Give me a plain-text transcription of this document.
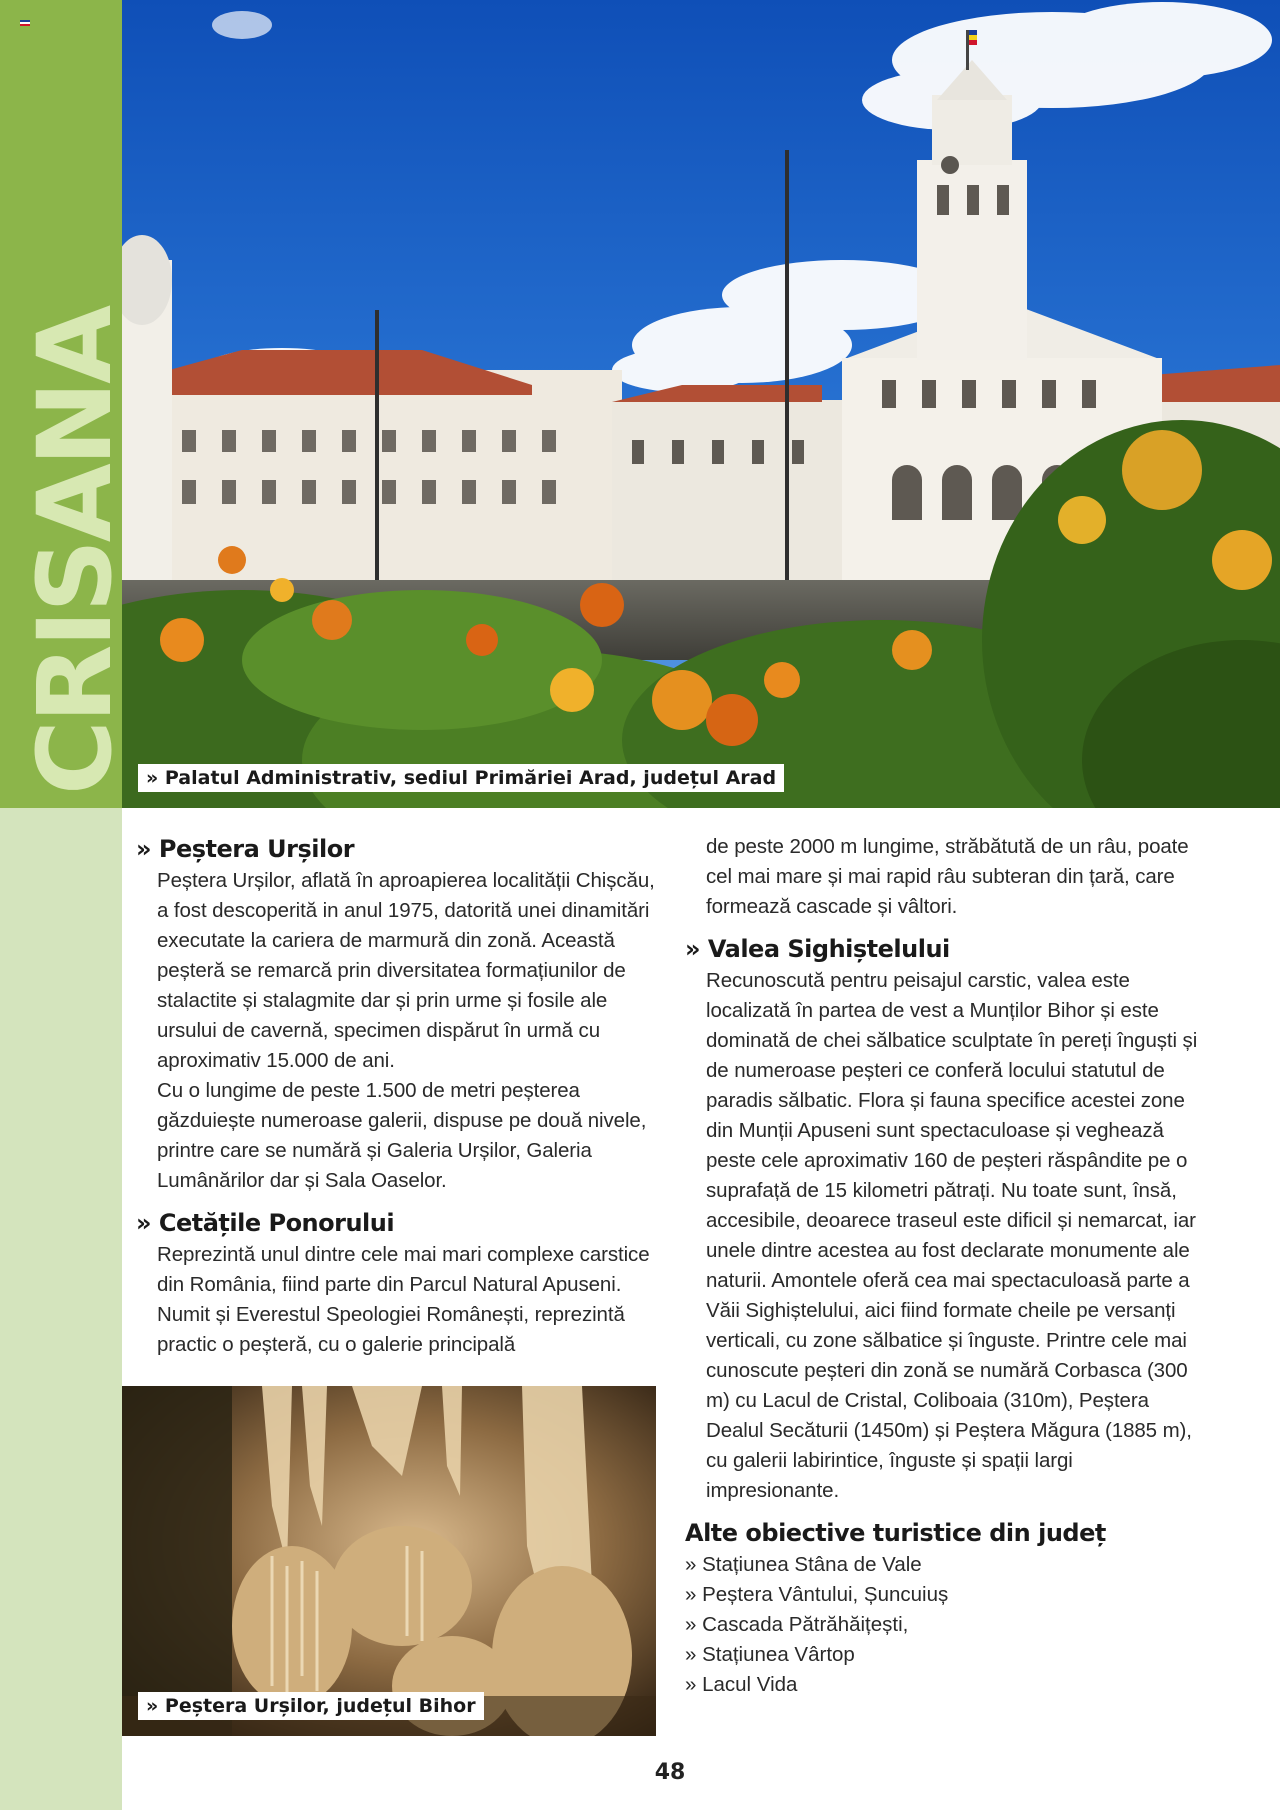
» Palatul Administrativ, sediul Primăriei Arad, județul Arad
» Peștera Urșilor

Peștera Urșilor, aflată în aproapierea localității Chișcău, a fost descoperită in anul 1975, datorită unei dinamitări executate la cariera de marmură din zonă. Această peșteră se remarcă prin diversitatea formațiunilor de stalactite și stalagmite dar și prin urme și fosile ale ursului de cavernă, specimen dispărut în urmă cu aproximativ 15.000 de ani.

Cu o lungime de peste 1.500 de metri peșterea găzduiește numeroase galerii, dispuse pe două nivele, printre care se numără și Galeria Urșilor, Galeria Lumânărilor dar și Sala Oaselor.

» Cetățile Ponorului

Reprezintă unul dintre cele mai mari complexe carstice din România, fiind parte din Parcul Natural Apuseni. Numit și Everestul Speologiei Românești, reprezintă practic o peșteră, cu o galerie principală

» Peștera Urșilor, județul Bihor

de peste 2000 m lungime, străbătută de un râu, poate cel mai mare și mai rapid râu subteran din țară, care formează cascade și vâltori.

» Valea Sighiștelului

Recunoscută pentru peisajul carstic, valea este localizată în partea de vest a Munților Bihor și este dominată de chei sălbatice sculptate în pereți înguști și de numeroase peșteri ce conferă locului statutul de paradis sălbatic. Flora și fauna specifice acestei zone din Munții Apuseni sunt spectaculoase și veghează peste cele aproximativ 160 de peșteri răspândite pe o suprafață de 15 kilometri pătrați. Nu toate sunt, însă, accesibile, deoarece traseul este dificil și nemarcat, iar unele dintre acestea au fost declarate monumente ale naturii. Amontele oferă cea mai spectaculoasă parte a Văii Sighiștelului, aici fiind formate cheile pe versanți verticali, cu zone sălbatice și înguste. Printre cele mai cunoscute peșteri din zonă se numără Corbasca (300 m) cu Lacul de Cristal, Coliboaia (310m), Peștera Dealul Secăturii (1450m) și Peștera Măgura (1885 m), cu galerii labirintice, înguste și spații largi impresionante.

Alte obiective turistice din județ
» Stațiunea Stâna de Vale
» Peștera Vântului, Șuncuiuș
» Cascada Pătrăhăițești,
» Stațiunea Vârtop
» Lacul Vida
48
